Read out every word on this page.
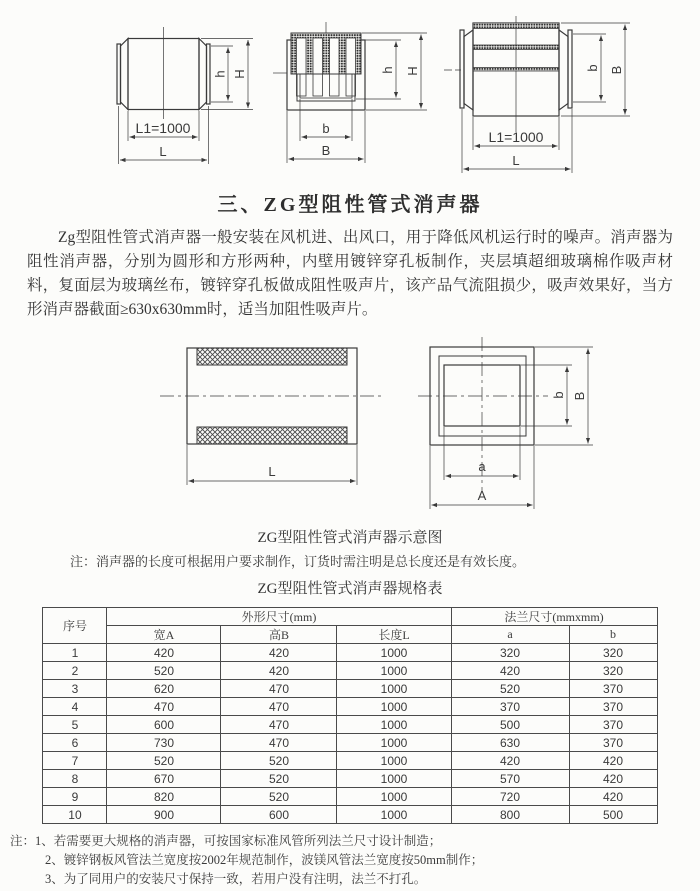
h H
L1=1000
L
b
B
h H	b B
L1=1000
L
三、ZG型阻性管式消声器

Zg型阻性管式消声器一般安装在风机进、出风口，用于降低风机运行时的噪声。消声器为阻性消声器，分别为圆形和方形两种，内壁用镀锌穿孔板制作，夹层填超细玻璃棉作吸声材料，复面层为玻璃丝布，镀锌穿孔板做成阻性吸声片，该产品气流阻损少，吸声效果好，当方形消声器截面≥630x630mm时，适当加阻性吸声片。

L
b B
a
A
ZG型阻性管式消声器示意图
注：消声器的长度可根据用户要求制作，订货时需注明是总长度还是有效长度。
ZG型阻性管式消声器规格表
序号	外形尺寸(mm)			法兰尺寸(mmxmm)	
	宽A	高B	长度L	a	b
1	420	420	1000	320	320
2	520	420	1000	420	320
3	620	470	1000	520	370
4	470	470	1000	370	370
5	600	470	1000	500	370
6	730	470	1000	630	370
7	520	520	1000	420	420
8	670	520	1000	570	420
9	820	520	1000	720	420
10	900	600	1000	800	500
注：1、若需要更大规格的消声器，可按国家标准风管所列法兰尺寸设计制造；
2、镀锌钢板风管法兰宽度按2002年规范制作，波镁风管法兰宽度按50mm制作；
3、为了同用户的安装尺寸保持一致，若用户没有注明，法兰不打孔。
